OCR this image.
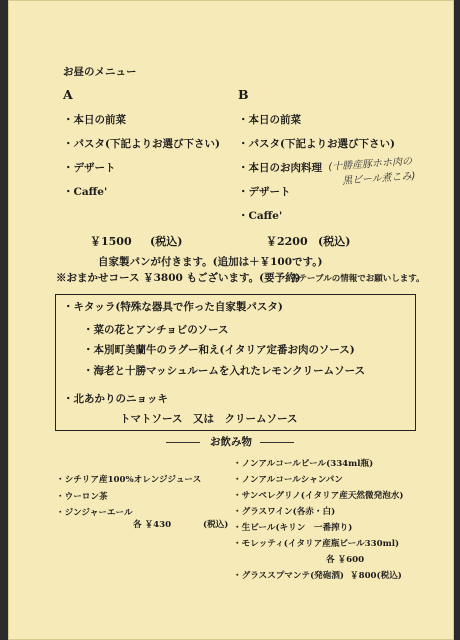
お昼のメニュー
A
・本日の前菜
・パスタ(下記よりお選び下さい)
・デザート
・Caffe'
￥1500 (税込)
B
・本日の前菜
・パスタ(下記よりお選び下さい)
・本日のお肉料理 (十勝産豚ホホ肉の
黒ビール煮こみ)
・デザート
・Caffe'
￥2200 (税込)
自家製パンが付きます。(追加は＋￥100です。)
※おまかせコース ￥3800 もございます。(要予約)
各テーブルの情報でお願いします。
・キタッラ(特殊な器具で作った自家製パスタ)
・菜の花とアンチョビのソース
・本別町美蘭牛のラグー和え(イタリア定番お肉のソース)
・海老と十勝マッシュルームを入れたレモンクリームソース
・北あかりのニョッキ
トマトソース　又は　クリームソース
お飲み物
・シチリア産100%オレンジジュース
・ウーロン茶
・ジンジャーエール
各 ￥430	(税込)
・ノンアルコールビール(334ml瓶)
・ノンアルコールシャンパン
・サンペレグリノ(イタリア産天然微発泡水)
・グラスワイン(各赤・白)
・生ビール(キリン　一番搾り)
・モレッティ(イタリア産瓶ビール330ml)
各 ￥600
・グラススプマンテ(発砲酒) ￥800(税込)
